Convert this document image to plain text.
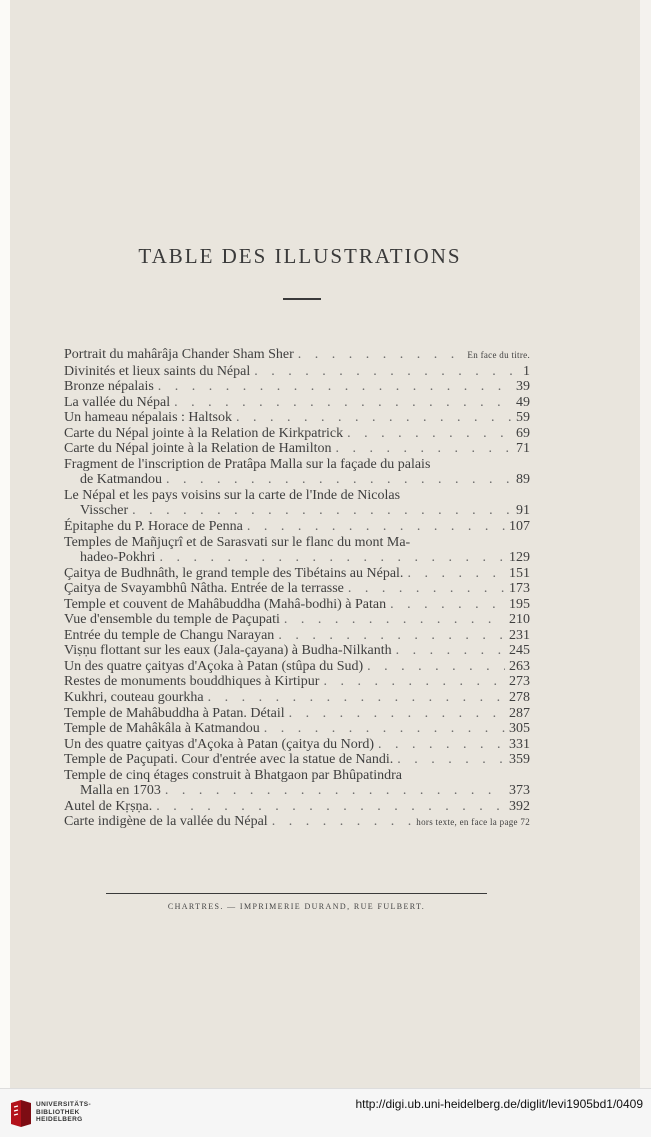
TABLE DES ILLUSTRATIONS
Portrait du mahârâja Chander Sham Sher . . .	En face du titre.
Divinités et lieux saints du Népal . . .	1
Bronze népalais . . .	39
La vallée du Népal . . .	49
Un hameau népalais : Haltsok . . .	59
Carte du Népal jointe à la Relation de Kirkpatrick . . .	69
Carte du Népal jointe à la Relation de Hamilton . . .	71
Fragment de l'inscription de Pratâpa Malla sur la façade du palais
de Katmandou . . .	89
Le Népal et les pays voisins sur la carte de l'Inde de Nicolas
Visscher . . .	91
Épitaphe du P. Horace de Penna . . .	107
Temples de Mañjuçrî et de Sarasvati sur le flanc du mont Ma-
hadeo-Pokhri . . .	129
Çaitya de Budhnâth, le grand temple des Tibétains au Népal. . . .	151
Çaitya de Svayambhû Nâtha. Entrée de la terrasse . . .	173
Temple et couvent de Mahâbuddha (Mahâ-bodhi) à Patan . . .	195
Vue d'ensemble du temple de Paçupati . . .	210
Entrée du temple de Changu Narayan . . .	231
Viṣṇu flottant sur les eaux (Jala-çayana) à Budha-Nilkanth . . .	245
Un des quatre çaityas d'Açoka à Patan (stûpa du Sud) . . .	263
Restes de monuments bouddhiques à Kirtipur . . .	273
Kukhri, couteau gourkha . . .	278
Temple de Mahâbuddha à Patan. Détail . . .	287
Temple de Mahâkâla à Katmandou . . .	305
Un des quatre çaityas d'Açoka à Patan (çaitya du Nord) . . .	331
Temple de Paçupati. Cour d'entrée avec la statue de Nandi. . . .	359
Temple de cinq étages construit à Bhatgaon par Bhûpatindra
Malla en 1703 . . .	373
Autel de Kṛṣṇa. . . .	392
Carte indigène de la vallée du Népal . . .	hors texte, en face la page 72
CHARTRES. — IMPRIMERIE DURAND, RUE FULBERT.
UNIVERSITÄTS-
BIBLIOTHEK
HEIDELBERG
http://digi.ub.uni-heidelberg.de/diglit/levi1905bd1/0409
